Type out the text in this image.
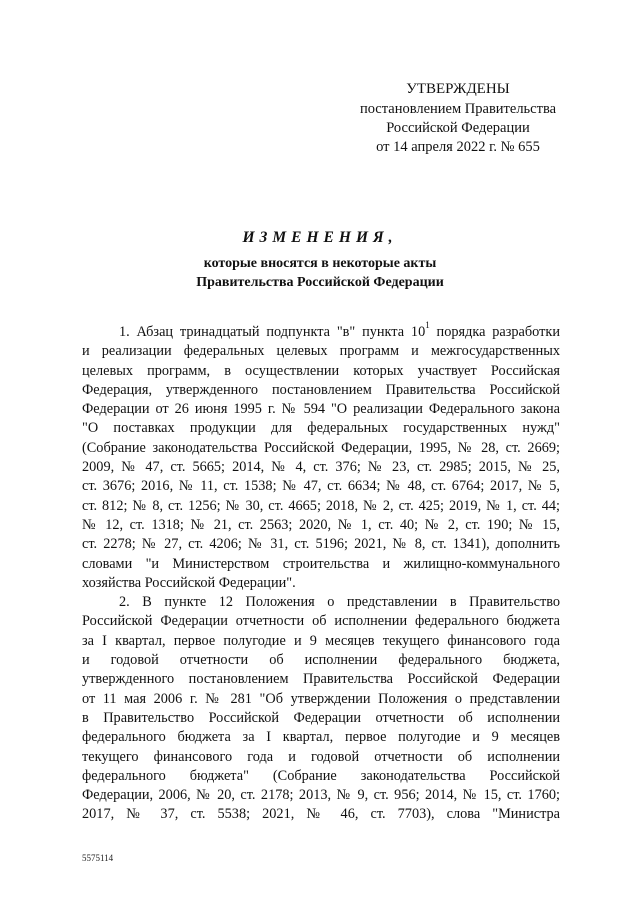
УТВЕРЖДЕНЫ
постановлением Правительства
Российской Федерации
от 14 апреля 2022 г. № 655
ИЗМЕНЕНИЯ,
которые вносятся в некоторые акты
Правительства Российской Федерации
1. Абзац тринадцатый подпункта "в" пункта $10^1$ порядка разработки
и реализации федеральных целевых программ и межгосударственных
целевых программ, в осуществлении которых участвует Российская
Федерация, утвержденного постановлением Правительства Российской
Федерации от 26 июня 1995 г. № 594 "О реализации Федерального закона
"О поставках продукции для федеральных государственных нужд"
(Собрание законодательства Российской Федерации, 1995, № 28, ст. 2669;
2009, № 47, ст. 5665; 2014, № 4, ст. 376; № 23, ст. 2985; 2015, № 25,
ст. 3676; 2016, № 11, ст. 1538; № 47, ст. 6634; № 48, ст. 6764; 2017, № 5,
ст. 812; № 8, ст. 1256; № 30, ст. 4665; 2018, № 2, ст. 425; 2019, № 1, ст. 44;
№ 12, ст. 1318; № 21, ст. 2563; 2020, № 1, ст. 40; № 2, ст. 190; № 15,
ст. 2278; № 27, ст. 4206; № 31, ст. 5196; 2021, № 8, ст. 1341), дополнить
словами "и Министерством строительства и жилищно-коммунального
хозяйства Российской Федерации".
2. В пункте 12 Положения о представлении в Правительство
Российской Федерации отчетности об исполнении федерального бюджета
за I квартал, первое полугодие и 9 месяцев текущего финансового года
и годовой отчетности об исполнении федерального бюджета,
утвержденного постановлением Правительства Российской Федерации
от 11 мая 2006 г. № 281 "Об утверждении Положения о представлении
в Правительство Российской Федерации отчетности об исполнении
федерального бюджета за I квартал, первое полугодие и 9 месяцев
текущего финансового года и годовой отчетности об исполнении
федерального бюджета" (Собрание законодательства Российской
Федерации, 2006, № 20, ст. 2178; 2013, № 9, ст. 956; 2014, № 15, ст. 1760;
2017, № 37, ст. 5538; 2021, № 46, ст. 7703), слова "Министра
5575114
